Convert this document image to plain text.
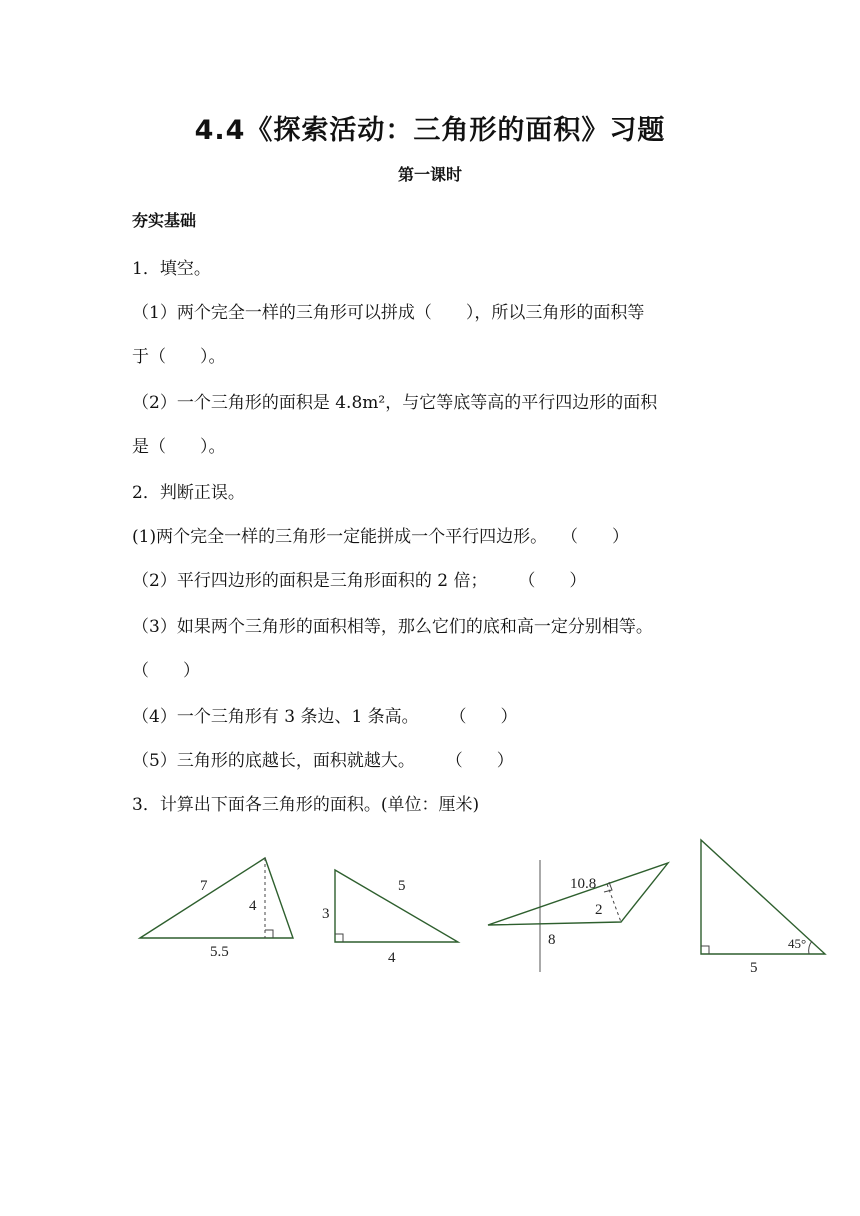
4.4《探索活动：三角形的面积》习题
第一课时
夯实基础
1．填空。
（1）两个完全一样的三角形可以拼成（　　），所以三角形的面积等
于（　　）。
（2）一个三角形的面积是 4.8m²，与它等底等高的平行四边形的面积
是（　　）。
2．判断正误。
(1)两个完全一样的三角形一定能拼成一个平行四边形。　 （　　）
（2）平行四边形的面积是三角形面积的 2 倍；　　 （　　）
（3）如果两个三角形的面积相等，那么它们的底和高一定分别相等。
（　　）
（4）一个三角形有 3 条边、1 条高。　　 （　　）
（5）三角形的底越长，面积就越大。　　 （　　）
3．计算出下面各三角形的面积。(单位：厘米)
7
4
5.5
3
5
4
10.8
2
8	45°
5
